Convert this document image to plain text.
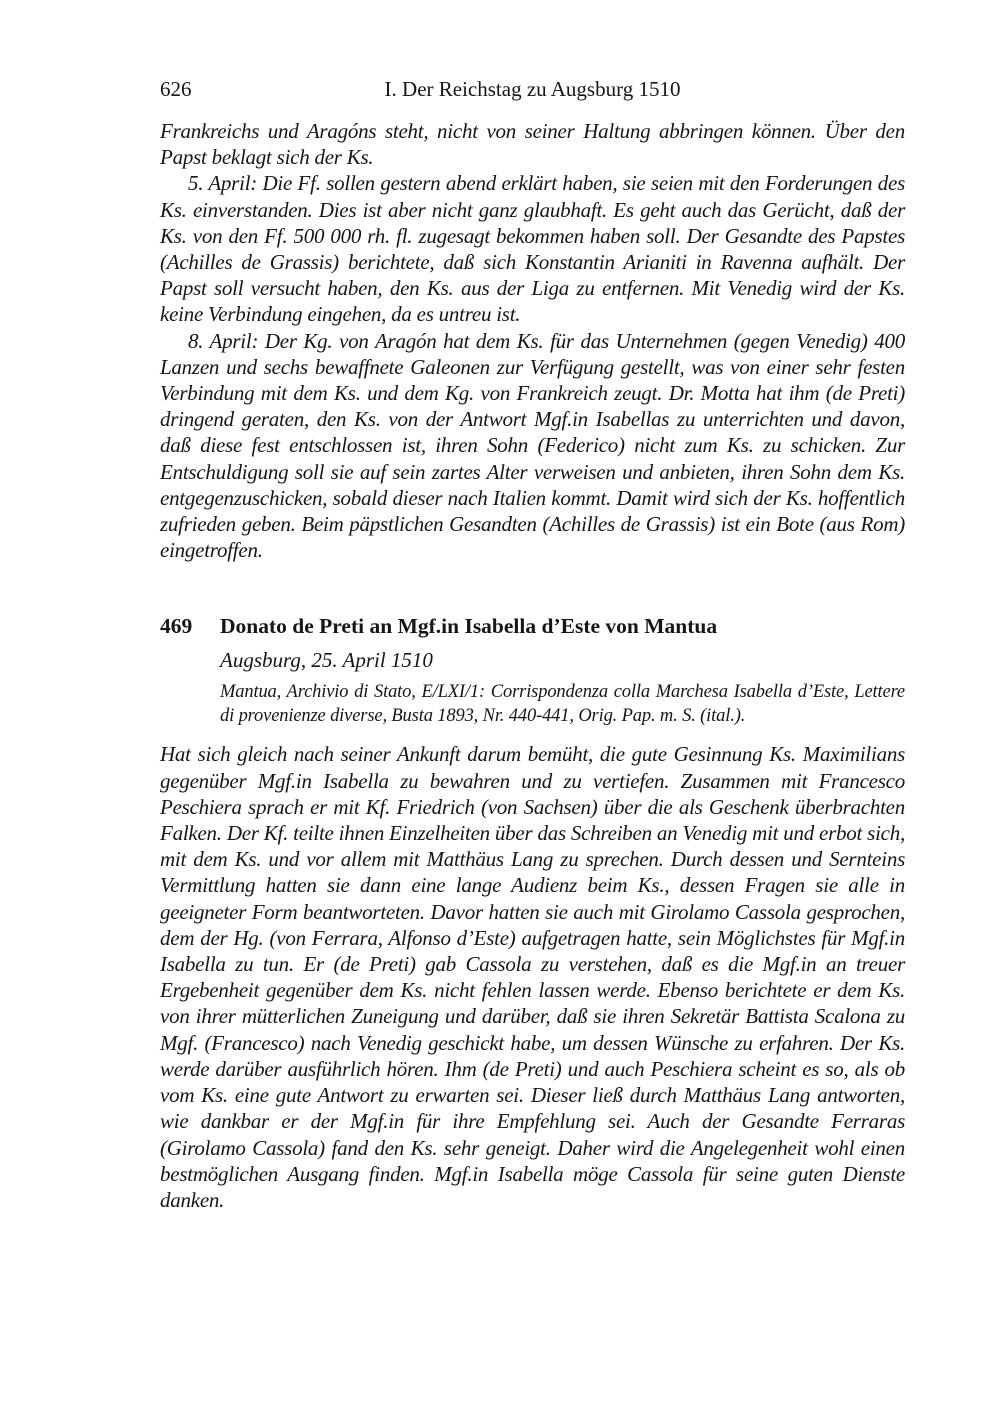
626	I. Der Reichstag zu Augsburg 1510

Frankreichs und Aragóns steht, nicht von seiner Haltung abbringen können. Über den Papst beklagt sich der Ks.

5. April: Die Ff. sollen gestern abend erklärt haben, sie seien mit den Forderungen des Ks. einverstanden. Dies ist aber nicht ganz glaubhaft. Es geht auch das Gerücht, daß der Ks. von den Ff. 500 000 rh. fl. zugesagt bekommen haben soll. Der Gesandte des Papstes (Achilles de Grassis) berichtete, daß sich Konstantin Arianiti in Ravenna aufhält. Der Papst soll versucht haben, den Ks. aus der Liga zu entfernen. Mit Venedig wird der Ks. keine Verbindung eingehen, da es untreu ist.

8. April: Der Kg. von Aragón hat dem Ks. für das Unternehmen (gegen Venedig) 400 Lanzen und sechs bewaffnete Galeonen zur Verfügung gestellt, was von einer sehr festen Verbindung mit dem Ks. und dem Kg. von Frankreich zeugt. Dr. Motta hat ihm (de Preti) dringend geraten, den Ks. von der Antwort Mgf.in Isabellas zu unterrichten und davon, daß diese fest entschlossen ist, ihren Sohn (Federico) nicht zum Ks. zu schicken. Zur Entschuldigung soll sie auf sein zartes Alter verweisen und anbieten, ihren Sohn dem Ks. entgegenzuschicken, sobald dieser nach Italien kommt. Damit wird sich der Ks. hoffentlich zufrieden geben. Beim päpstlichen Gesandten (Achilles de Grassis) ist ein Bote (aus Rom) eingetroffen.

469	Donato de Preti an Mgf.in Isabella d’Este von Mantua

Augsburg, 25. April 1510

Mantua, Archivio di Stato, E/LXI/1: Corrispondenza colla Marchesa Isabella d’Este, Lettere di provenienze diverse, Busta 1893, Nr. 440-441, Orig. Pap. m. S. (ital.).

Hat sich gleich nach seiner Ankunft darum bemüht, die gute Gesinnung Ks. Maximilians gegenüber Mgf.in Isabella zu bewahren und zu vertiefen. Zusammen mit Francesco Peschiera sprach er mit Kf. Friedrich (von Sachsen) über die als Geschenk überbrachten Falken. Der Kf. teilte ihnen Einzelheiten über das Schreiben an Venedig mit und erbot sich, mit dem Ks. und vor allem mit Matthäus Lang zu sprechen. Durch dessen und Sernteins Vermittlung hatten sie dann eine lange Audienz beim Ks., dessen Fragen sie alle in geeigneter Form beantworteten. Davor hatten sie auch mit Girolamo Cassola gesprochen, dem der Hg. (von Ferrara, Alfonso d’Este) aufgetragen hatte, sein Möglichstes für Mgf.in Isabella zu tun. Er (de Preti) gab Cassola zu verstehen, daß es die Mgf.in an treuer Ergebenheit gegenüber dem Ks. nicht fehlen lassen werde. Ebenso berichtete er dem Ks. von ihrer mütterlichen Zuneigung und darüber, daß sie ihren Sekretär Battista Scalona zu Mgf. (Francesco) nach Venedig geschickt habe, um dessen Wünsche zu erfahren. Der Ks. werde darüber ausführlich hören. Ihm (de Preti) und auch Peschiera scheint es so, als ob vom Ks. eine gute Antwort zu erwarten sei. Dieser ließ durch Matthäus Lang antworten, wie dankbar er der Mgf.in für ihre Empfehlung sei. Auch der Gesandte Ferraras (Girolamo Cassola) fand den Ks. sehr geneigt. Daher wird die Angelegenheit wohl einen bestmöglichen Ausgang finden. Mgf.in Isabella möge Cassola für seine guten Dienste danken.
